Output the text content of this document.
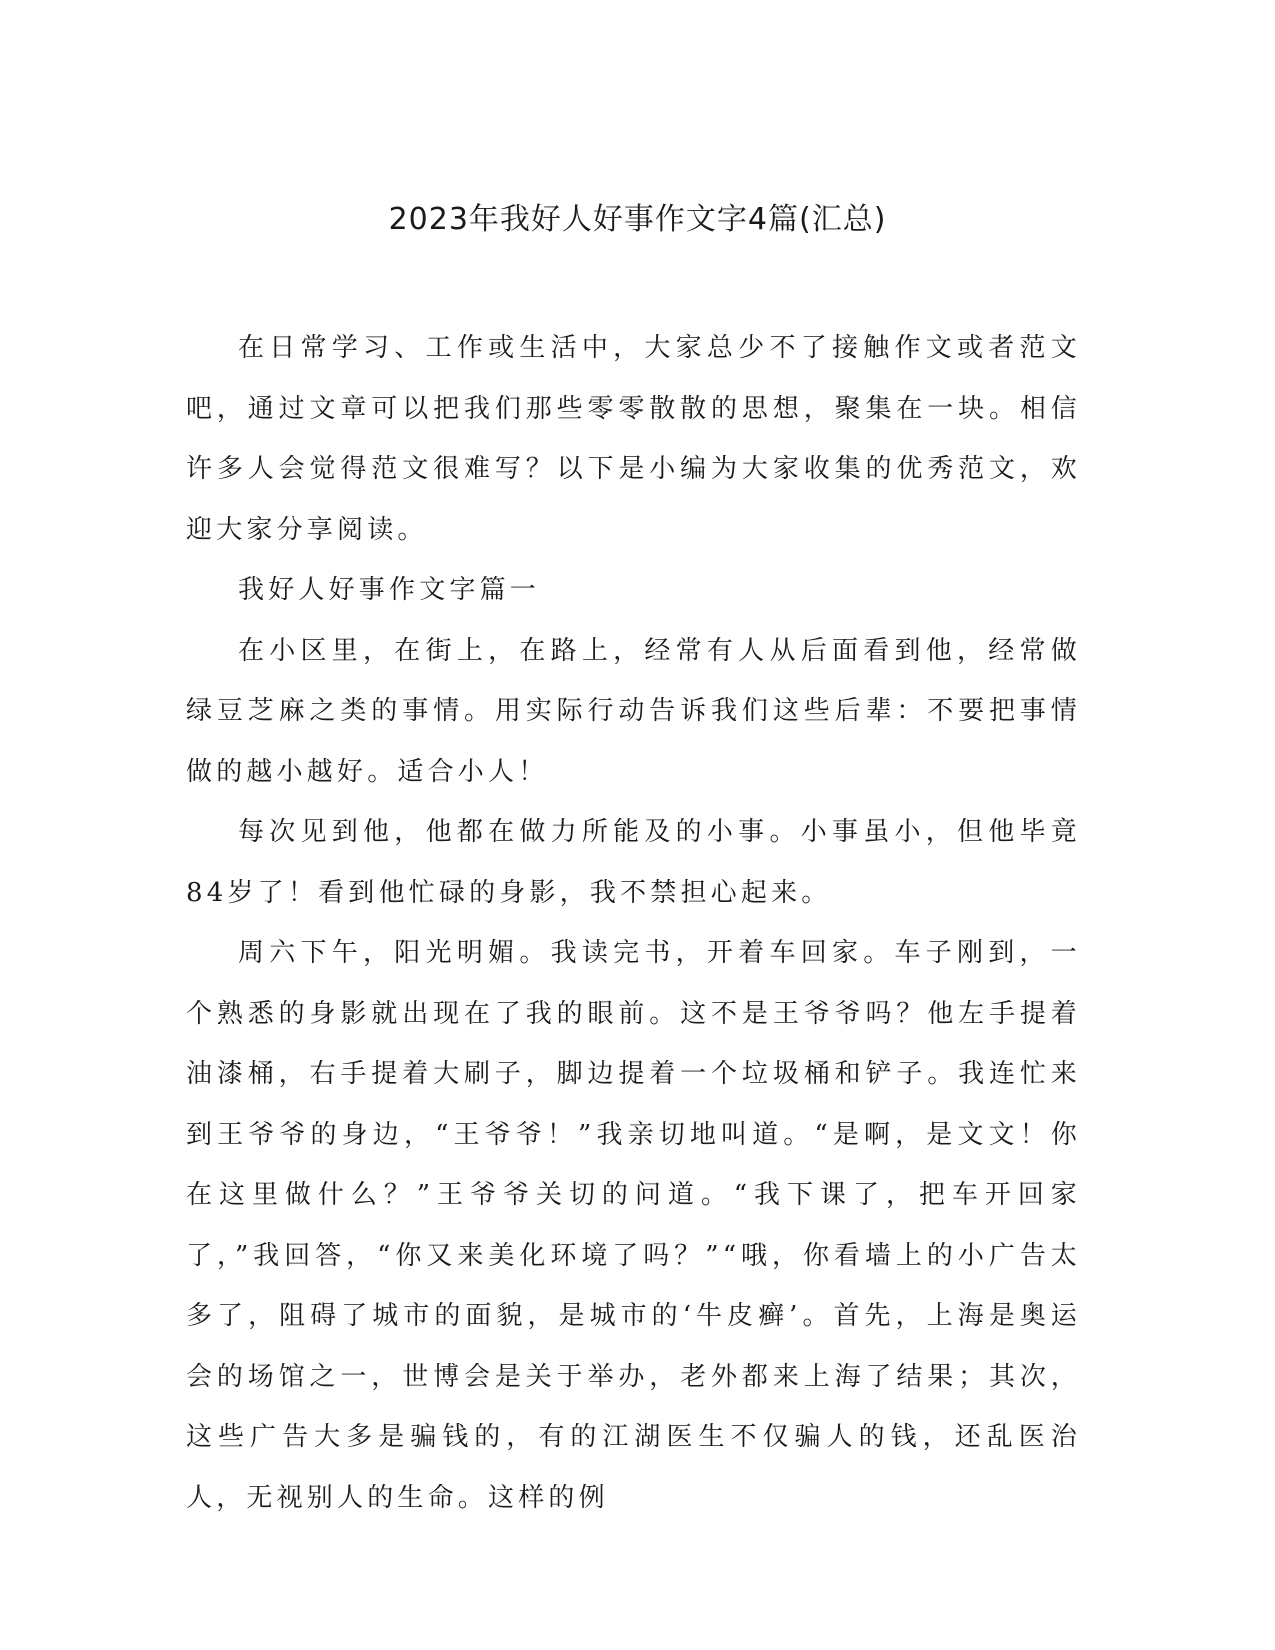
2023年我好人好事作文字4篇(汇总)

在日常学习、工作或生活中，大家总少不了接触作文或者范文吧，通过文章可以把我们那些零零散散的思想，聚集在一块。相信许多人会觉得范文很难写？以下是小编为大家收集的优秀范文，欢迎大家分享阅读。

我好人好事作文字篇一

在小区里，在街上，在路上，经常有人从后面看到他，经常做绿豆芝麻之类的事情。用实际行动告诉我们这些后辈：不要把事情做的越小越好。适合小人！

每次见到他，他都在做力所能及的小事。小事虽小，但他毕竟84岁了！看到他忙碌的身影，我不禁担心起来。

周六下午，阳光明媚。我读完书，开着车回家。车子刚到，一个熟悉的身影就出现在了我的眼前。这不是王爷爷吗？他左手提着油漆桶，右手提着大刷子，脚边提着一个垃圾桶和铲子。我连忙来到王爷爷的身边，“王爷爷！”我亲切地叫道。“是啊，是文文！你在这里做什么？”王爷爷关切的问道。“我下课了，把车开回家了，”我回答，“你又来美化环境了吗？”“哦，你看墙上的小广告太多了，阻碍了城市的面貌，是城市的‘牛皮癣’。首先，上海是奥运会的场馆之一，世博会是关于举办，老外都来上海了结果；其次，这些广告大多是骗钱的，有的江湖医生不仅骗人的钱，还乱医治人，无视别人的生命。这样的例
